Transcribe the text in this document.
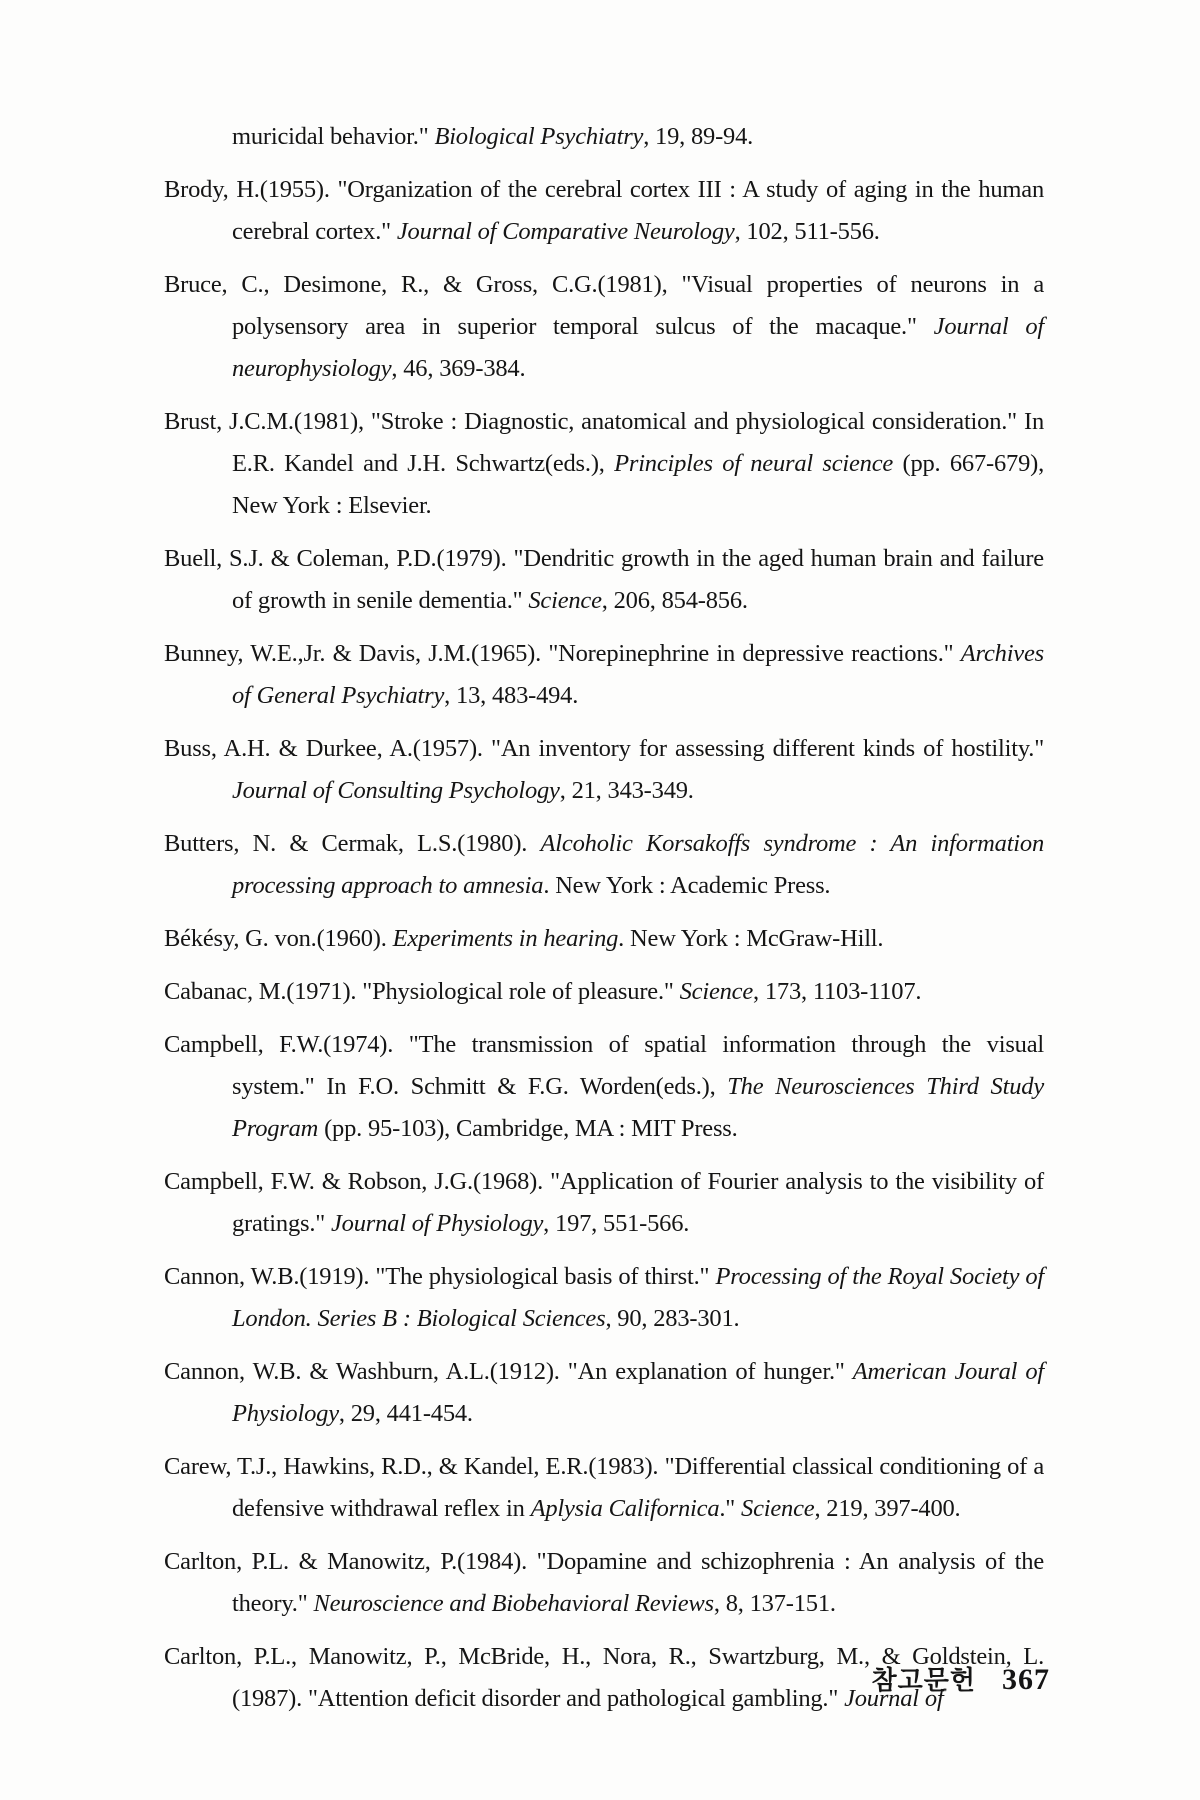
muricidal behavior." Biological Psychiatry, 19, 89-94.

Brody, H.(1955). "Organization of the cerebral cortex III : A study of aging in the human cerebral cortex." Journal of Comparative Neurology, 102, 511-556.

Bruce, C., Desimone, R., & Gross, C.G.(1981), "Visual properties of neurons in a polysensory area in superior temporal sulcus of the macaque." Journal of neurophysiology, 46, 369-384.

Brust, J.C.M.(1981), "Stroke : Diagnostic, anatomical and physiological consideration." In E.R. Kandel and J.H. Schwartz(eds.), Principles of neural science (pp. 667-679), New York : Elsevier.

Buell, S.J. & Coleman, P.D.(1979). "Dendritic growth in the aged human brain and failure of growth in senile dementia." Science, 206, 854-856.

Bunney, W.E.,Jr. & Davis, J.M.(1965). "Norepinephrine in depressive reactions." Archives of General Psychiatry, 13, 483-494.

Buss, A.H. & Durkee, A.(1957). "An inventory for assessing different kinds of hostility." Journal of Consulting Psychology, 21, 343-349.

Butters, N. & Cermak, L.S.(1980). Alcoholic Korsakoffs syndrome : An information processing approach to amnesia. New York : Academic Press.

Békésy, G. von.(1960). Experiments in hearing. New York : McGraw-Hill.

Cabanac, M.(1971). "Physiological role of pleasure." Science, 173, 1103-1107.

Campbell, F.W.(1974). "The transmission of spatial information through the visual system." In F.O. Schmitt & F.G. Worden(eds.), The Neurosciences Third Study Program (pp. 95-103), Cambridge, MA : MIT Press.

Campbell, F.W. & Robson, J.G.(1968). "Application of Fourier analysis to the visibility of gratings." Journal of Physiology, 197, 551-566.

Cannon, W.B.(1919). "The physiological basis of thirst." Processing of the Royal Society of London. Series B : Biological Sciences, 90, 283-301.

Cannon, W.B. & Washburn, A.L.(1912). "An explanation of hunger." American Joural of Physiology, 29, 441-454.

Carew, T.J., Hawkins, R.D., & Kandel, E.R.(1983). "Differential classical conditioning of a defensive withdrawal reflex in Aplysia Californica." Science, 219, 397-400.

Carlton, P.L. & Manowitz, P.(1984). "Dopamine and schizophrenia : An analysis of the theory." Neuroscience and Biobehavioral Reviews, 8, 137-151.

Carlton, P.L., Manowitz, P., McBride, H., Nora, R., Swartzburg, M., & Goldstein, L.(1987). "Attention deficit disorder and pathological gambling." Journal of

참고문헌 367
